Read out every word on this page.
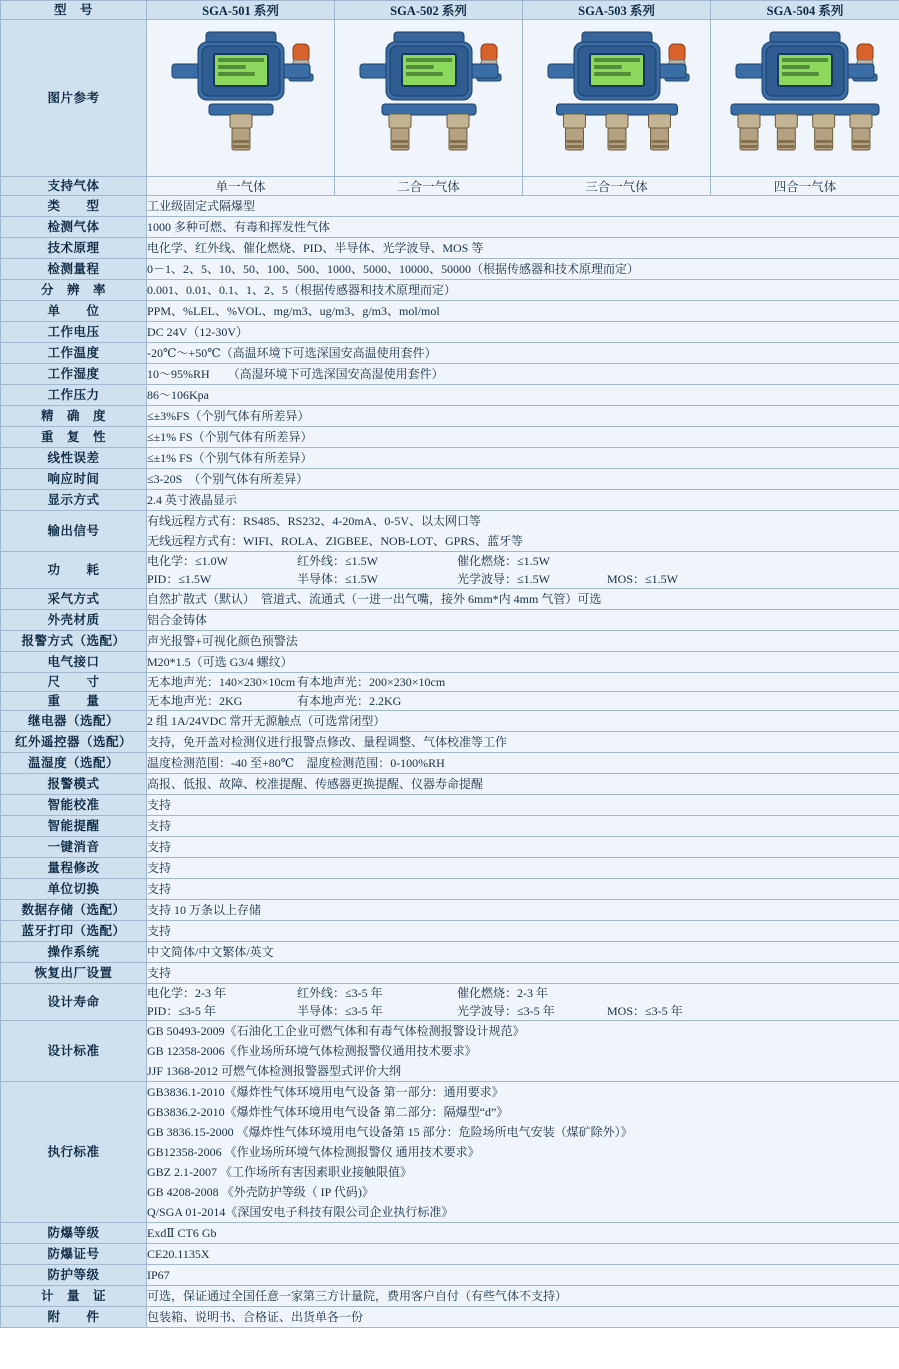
型　号	SGA-501 系列	SGA-502 系列	SGA-503 系列	SGA-504 系列
图片参考				
支持气体	单一气体	二合一气体	三合一气体	四合一气体
类　　型	工业级固定式隔爆型			

检测气体	1000 多种可燃、有毒和挥发性气体			

技术原理	电化学、红外线、催化燃烧、PID、半导体、光学波导、MOS 等			

检测量程	0－1、2、5、10、50、100、500、1000、5000、10000、50000（根据传感器和技术原理而定）			

分　辨　率	0.001、0.01、0.1、1、2、5（根据传感器和技术原理而定）			

单　　位	PPM、%LEL、%VOL、mg/m3、ug/m3、g/m3、mol/mol			

工作电压	DC 24V（12-30V）			

工作温度	-20℃～+50℃（高温环境下可选深国安高温使用套件）			

工作湿度	10～95%RH　　（高湿环境下可选深国安高湿使用套件）			

工作压力	86～106Kpa			

精　确　度	≤±3%FS（个别气体有所差异）			

重　复　性	≤±1% FS（个别气体有所差异）			

线性误差	≤±1% FS（个别气体有所差异）			

响应时间	≤3-20S　（个别气体有所差异）			

显示方式	2.4 英寸液晶显示			

输出信号	有线远程方式有：RS485、RS232、4-20mA、0-5V、以太网口等
无线远程方式有：WIFI、ROLA、ZIGBEE、NOB-LOT、GPRS、蓝牙等			

功　　耗	
电化学：≤1.0W	红外线：≤1.5W	催化燃烧：≤1.5W
PID：≤1.5W	半导体：≤1.5W	光学波导：≤1.5W	MOS：≤1.5W

采气方式	自然扩散式（默认）　管道式、流通式（一进一出气嘴，接外 6mm*内 4mm 气管）可选			

外壳材质	铝合金铸体			

报警方式（选配）	声光报警+可视化颜色预警法			

电气接口	M20*1.5（可选 G3/4 螺纹）			

尺　　寸	无本地声光：140×230×10cm 有本地声光：200×230×10cm			

重　　量	无本地声光：2KG 有本地声光：2.2KG			

继电器（选配）	2 组 1A/24VDC 常开无源触点（可选常闭型）			

红外遥控器（选配）	支持，免开盖对检测仪进行报警点修改、量程调整、气体校准等工作			

温湿度（选配）	温度检测范围：-40 至+80℃　湿度检测范围：0-100%RH			

报警模式	高报、低报、故障、校准提醒、传感器更换提醒、仪器寿命提醒			

智能校准	支持			

智能提醒	支持			

一键消音	支持			

量程修改	支持			

单位切换	支持			

数据存储（选配）	支持 10 万条以上存储			

蓝牙打印（选配）	支持			

操作系统	中文简体/中文繁体/英文			

恢复出厂设置	支持			

设计寿命	
电化学：2-3 年	红外线：≤3-5 年	催化燃烧：2-3 年
PID：≤3-5 年	半导体：≤3-5 年	光学波导：≤3-5 年	MOS：≤3-5 年

设计标准	GB 50493-2009《石油化工企业可燃气体和有毒气体检测报警设计规范》
GB 12358-2006《作业场所环境气体检测报警仪通用技术要求》
JJF 1368-2012 可燃气体检测报警器型式评价大纲			

执行标准	
GB3836.1-2010《爆炸性气体环境用电气设备 第一部分：通用要求》
GB3836.2-2010《爆炸性气体环境用电气设备 第二部分：隔爆型“d”》
GB 3836.15-2000 《爆炸性气体环境用电气设备第 15 部分：危险场所电气安装（煤矿除外）》
GB12358-2006 《作业场所环境气体检测报警仪 通用技术要求》
GBZ 2.1-2007 《工作场所有害因素职业接触限值》
GB 4208-2008 《外壳防护等级（ IP 代码)》
Q/SGA 01-2014《深国安电子科技有限公司企业执行标准》

防爆等级	ExdⅡ CT6 Gb			

防爆证号	CE20.1135X			

防护等级	IP67			

计　量　证	可选，保证通过全国任意一家第三方计量院，费用客户自付（有些气体不支持）			

附　　件	包装箱、说明书、合格证、出货单各一份			
